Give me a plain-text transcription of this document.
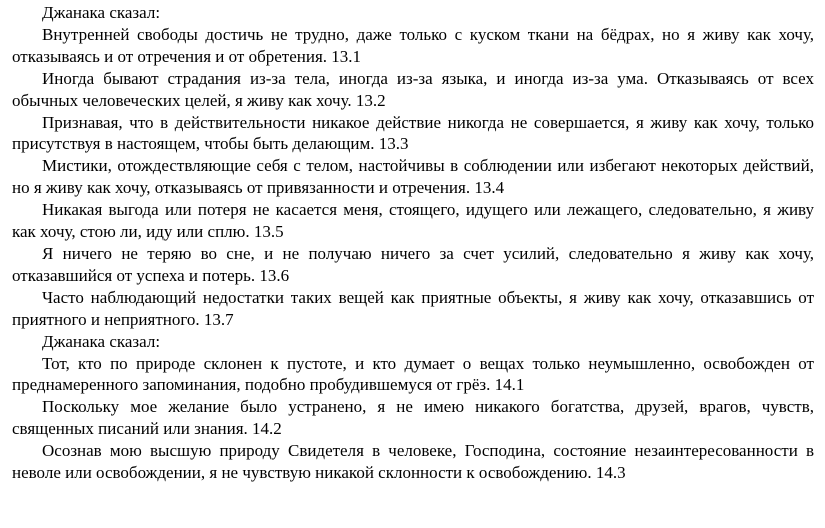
Джанака сказал:

Внутренней свободы достичь не трудно, даже только с куском ткани на бёдрах, но я живу как хочу, отказываясь и от отречения и от обретения. 13.1

Иногда бывают страдания из-за тела, иногда из-за языка, и иногда из-за ума. Отказываясь от всех обычных человеческих целей, я живу как хочу. 13.2

Признавая, что в действительности никакое действие никогда не совершается, я живу как хочу, только присутствуя в настоящем, чтобы быть делающим. 13.3

Мистики, отождествляющие себя с телом, настойчивы в соблюдении или избегают некоторых действий, но я живу как хочу, отказываясь от привязанности и отречения. 13.4

Никакая выгода или потеря не касается меня, стоящего, идущего или лежащего, следовательно, я живу как хочу, стою ли, иду или сплю. 13.5

Я ничего не теряю во сне, и не получаю ничего за счет усилий, следовательно я живу как хочу, отказавшийся от успеха и потерь. 13.6

Часто наблюдающий недостатки таких вещей как приятные объекты, я живу как хочу, отказавшись от приятного и неприятного. 13.7

Джанака сказал:

Тот, кто по природе склонен к пустоте, и кто думает о вещах только неумышленно, освобожден от преднамеренного запоминания, подобно пробудившемуся от грёз. 14.1

Поскольку мое желание было устранено, я не имею никакого богатства, друзей, врагов, чувств, священных писаний или знания. 14.2

Осознав мою высшую природу Свидетеля в человеке, Господина, состояние незаинтересованности в неволе или освобождении, я не чувствую никакой склонности к освобождению. 14.3
